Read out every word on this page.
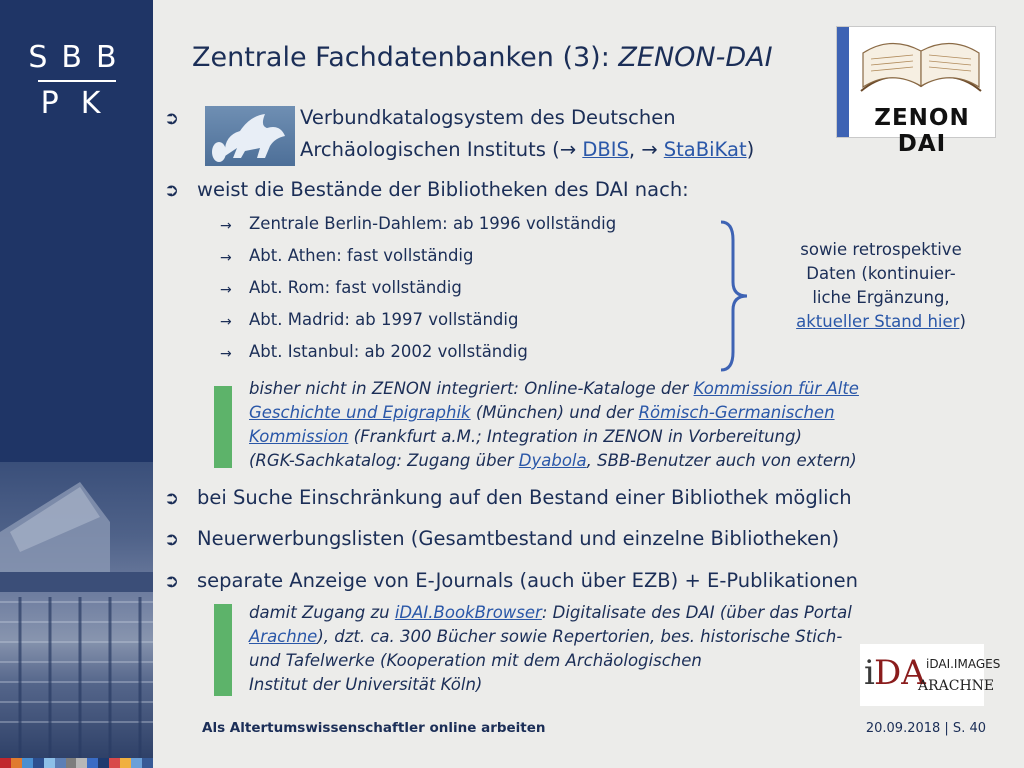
SBB
PK
Zentrale Fachdatenbanken (3): ZENON-DAI
ZENON DAI
➲	Verbundkatalogsystem des Deutschen
Archäologischen Instituts (→ DBIS, → StaBiKat)
➲ weist die Bestände der Bibliotheken des DAI nach:
→ Zentrale Berlin-Dahlem: ab 1996 vollständig
→ Abt. Athen: fast vollständig
→ Abt. Rom: fast vollständig
→ Abt. Madrid: ab 1997 vollständig
→ Abt. Istanbul: ab 2002 vollständig
sowie retrospektive
Daten (kontinuier-
liche Ergänzung,
aktueller Stand hier)
bisher nicht in ZENON integriert: Online-Kataloge der Kommission für Alte
Geschichte und Epigraphik (München) und der Römisch-Germanischen
Kommission (Frankfurt a.M.; Integration in ZENON in Vorbereitung)
(RGK-Sachkatalog: Zugang über Dyabola, SBB-Benutzer auch von extern)
➲ bei Suche Einschränkung auf den Bestand einer Bibliothek möglich
➲ Neuerwerbungslisten (Gesamtbestand und einzelne Bibliotheken)
➲ separate Anzeige von E-Journals (auch über EZB) + E-Publikationen
damit Zugang zu iDAI.BookBrowser: Digitalisate des DAI (über das Portal
Arachne), dzt. ca. 300 Bücher sowie Repertorien, bes. historische Stich-
und Tafelwerke (Kooperation mit dem Archäologischen
Institut der Universität Köln)	i DA iDAI.IMAGES
ARACHNE
Als Altertumswissenschaftler online arbeiten	20.09.2018 | S. 40
